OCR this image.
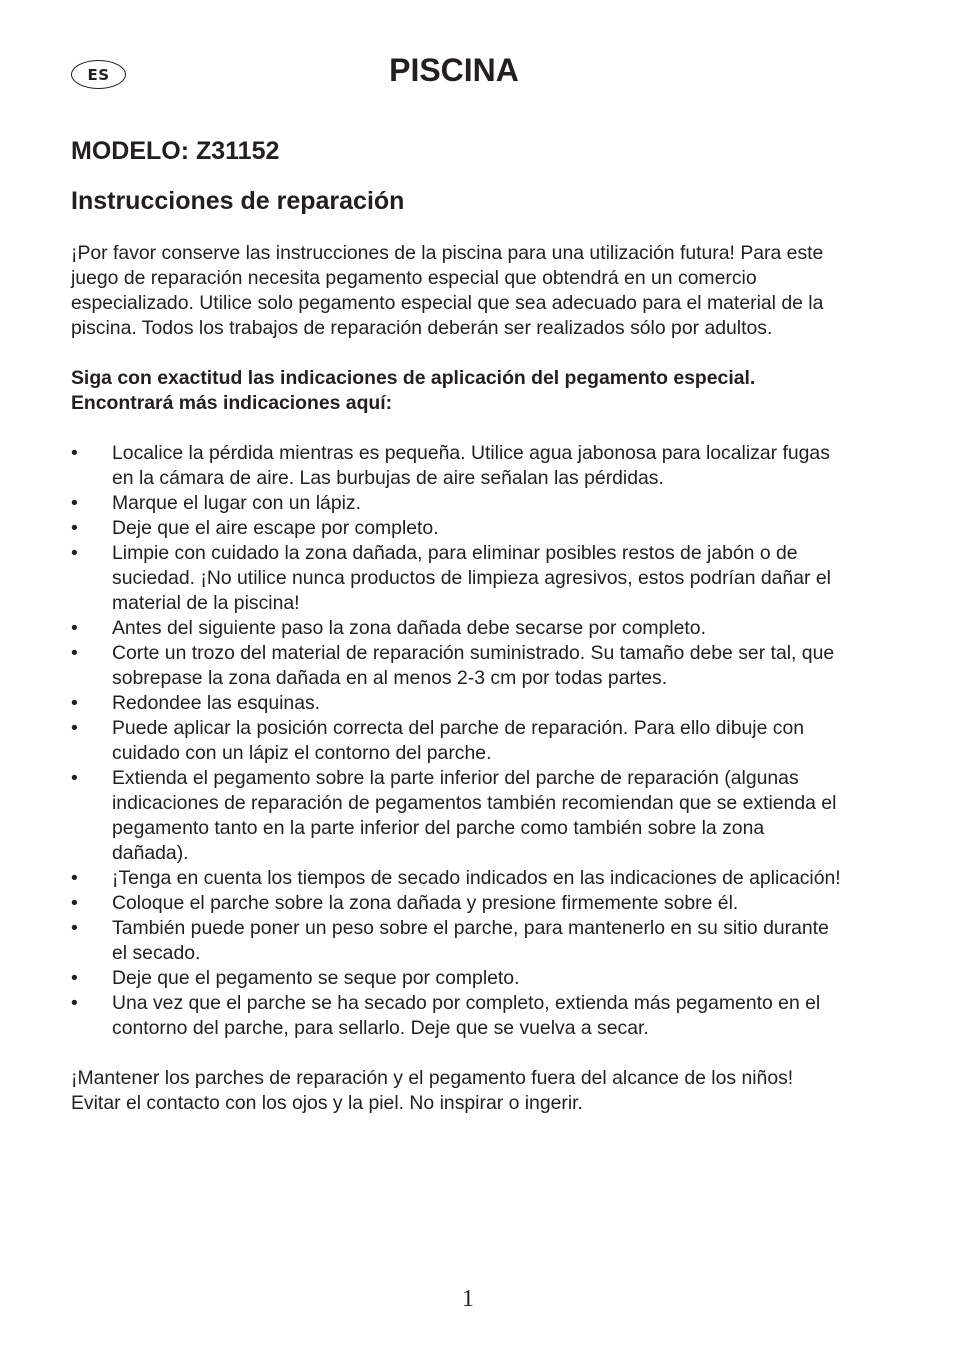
ES	PISCINA
MODELO: Z31152
Instrucciones de reparación

¡Por favor conserve las instrucciones de la piscina para una utilización futura! Para este juego de reparación necesita pegamento especial que obtendrá en un comercio especializado. Utilice solo pegamento especial que sea adecuado para el material de la piscina. Todos los trabajos de reparación deberán ser realizados sólo por adultos.

Siga con exactitud las indicaciones de aplicación del pegamento especial. Encontrará más indicaciones aquí:

• Localice la pérdida mientras es pequeña. Utilice agua jabonosa para localizar fugas en la cámara de aire. Las burbujas de aire señalan las pérdidas.
• Marque el lugar con un lápiz.
• Deje que el aire escape por completo.
• Limpie con cuidado la zona dañada, para eliminar posibles restos de jabón o de suciedad. ¡No utilice nunca productos de limpieza agresivos, estos podrían dañar el material de la piscina!
• Antes del siguiente paso la zona dañada debe secarse por completo.
• Corte un trozo del material de reparación suministrado. Su tamaño debe ser tal, que sobrepase la zona dañada en al menos 2-3 cm por todas partes.
• Redondee las esquinas.
• Puede aplicar la posición correcta del parche de reparación. Para ello dibuje con cuidado con un lápiz el contorno del parche.
• Extienda el pegamento sobre la parte inferior del parche de reparación (algunas indicaciones de reparación de pegamentos también recomiendan que se extienda el pegamento tanto en la parte inferior del parche como también sobre la zona dañada).
• ¡Tenga en cuenta los tiempos de secado indicados en las indicaciones de aplicación!
• Coloque el parche sobre la zona dañada y presione firmemente sobre él.
• También puede poner un peso sobre el parche, para mantenerlo en su sitio durante el secado.
• Deje que el pegamento se seque por completo.
• Una vez que el parche se ha secado por completo, extienda más pegamento en el contorno del parche, para sellarlo. Deje que se vuelva a secar.

¡Mantener los parches de reparación y el pegamento fuera del alcance de los niños! Evitar el contacto con los ojos y la piel. No inspirar o ingerir.

1
